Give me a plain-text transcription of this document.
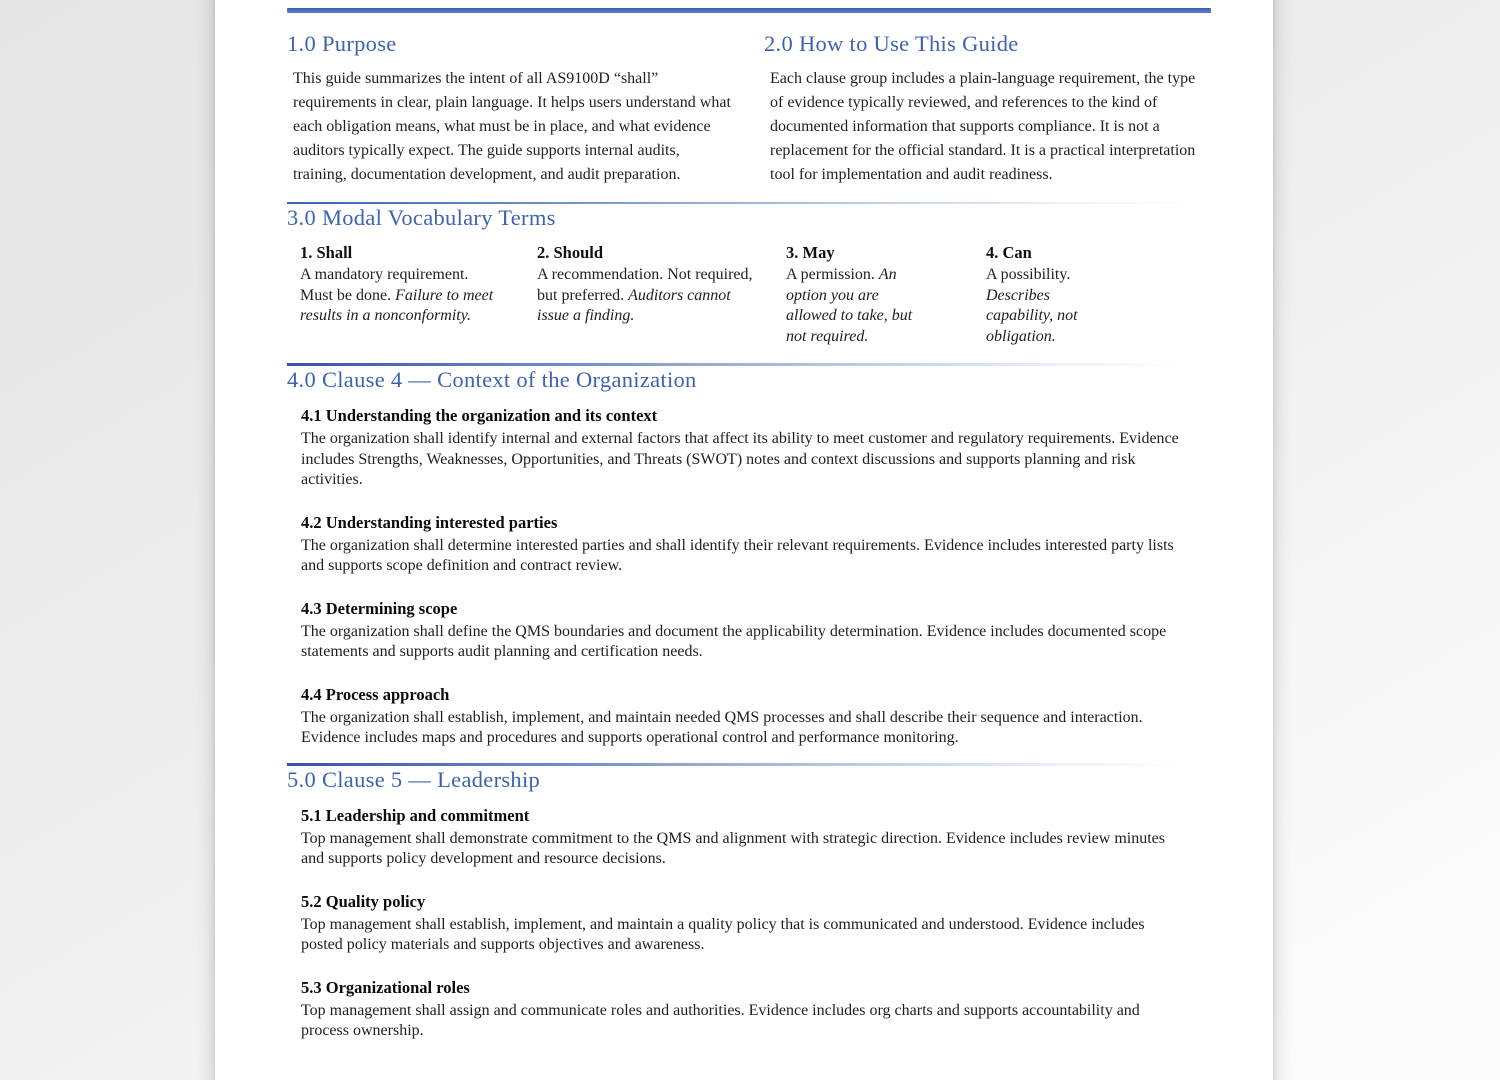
1.0 Purpose

This guide summarizes the intent of all AS9100D “shall” requirements in clear, plain language. It helps users understand what each obligation means, what must be in place, and what evidence auditors typically expect. The guide supports internal audits, training, documentation development, and audit preparation.

2.0 How to Use This Guide

Each clause group includes a plain-language requirement, the type of evidence typically reviewed, and references to the kind of documented information that supports compliance. It is not a replacement for the official standard. It is a practical interpretation tool for implementation and audit readiness.

3.0 Modal Vocabulary Terms

1. Shall

A mandatory requirement. Must be done. Failure to meet results in a nonconformity.

2. Should

A recommendation. Not required, but preferred. Auditors cannot issue a finding.

3. May

A permission. An option you are allowed to take, but not required.

4. Can

A possibility. Describes capability, not obligation.

4.0 Clause 4 — Context of the Organization
4.1 Understanding the organization and its context

The organization shall identify internal and external factors that affect its ability to meet customer and regulatory requirements. Evidence includes Strengths, Weaknesses, Opportunities, and Threats (SWOT) notes and context discussions and supports planning and risk activities.

4.2 Understanding interested parties

The organization shall determine interested parties and shall identify their relevant requirements. Evidence includes interested party lists and supports scope definition and contract review.

4.3 Determining scope

The organization shall define the QMS boundaries and document the applicability determination. Evidence includes documented scope statements and supports audit planning and certification needs.

4.4 Process approach

The organization shall establish, implement, and maintain needed QMS processes and shall describe their sequence and interaction. Evidence includes maps and procedures and supports operational control and performance monitoring.

5.0 Clause 5 — Leadership
5.1 Leadership and commitment

Top management shall demonstrate commitment to the QMS and alignment with strategic direction. Evidence includes review minutes and supports policy development and resource decisions.

5.2 Quality policy

Top management shall establish, implement, and maintain a quality policy that is communicated and understood. Evidence includes posted policy materials and supports objectives and awareness.

5.3 Organizational roles

Top management shall assign and communicate roles and authorities. Evidence includes org charts and supports accountability and process ownership.
